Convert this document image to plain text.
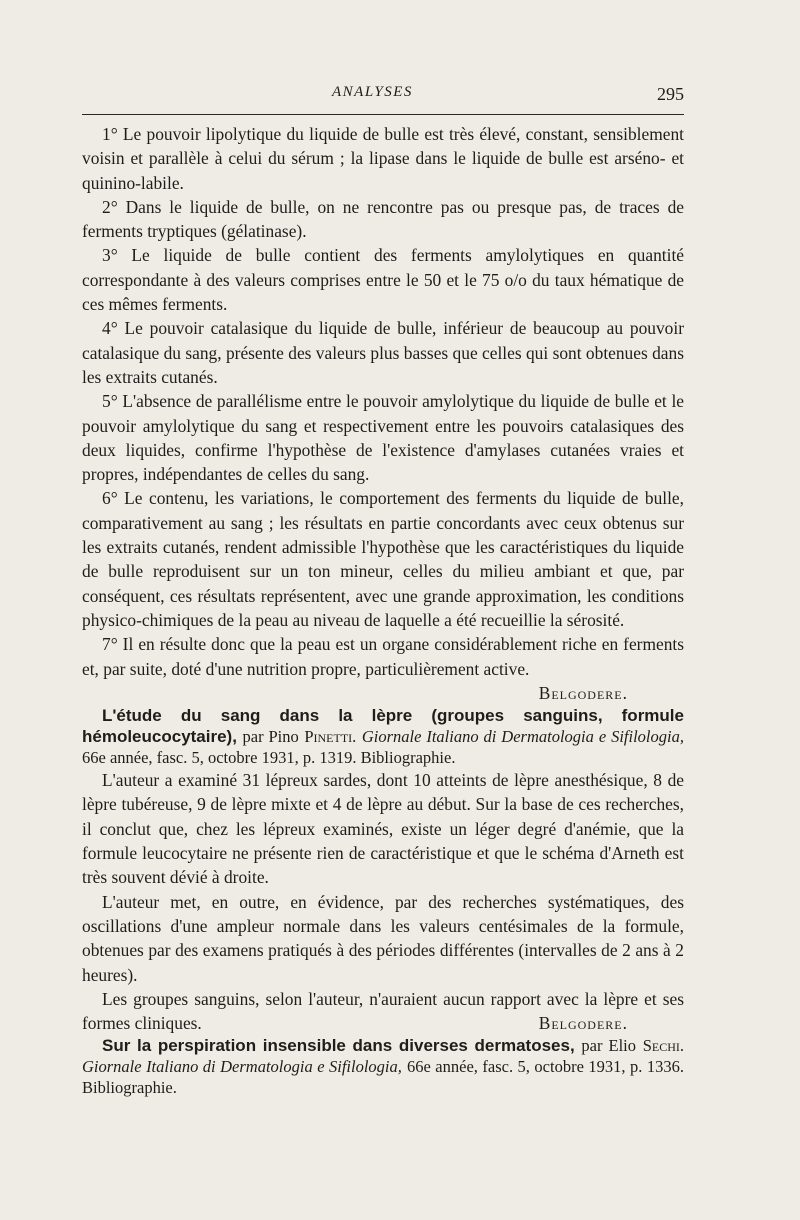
ANALYSES	295

1° Le pouvoir lipolytique du liquide de bulle est très élevé, constant, sensiblement voisin et parallèle à celui du sérum ; la lipase dans le liquide de bulle est arséno- et quinino-labile.

2° Dans le liquide de bulle, on ne rencontre pas ou presque pas, de traces de ferments tryptiques (gélatinase).

3° Le liquide de bulle contient des ferments amylolytiques en quantité correspondante à des valeurs comprises entre le 50 et le 75 o/o du taux hématique de ces mêmes ferments.

4° Le pouvoir catalasique du liquide de bulle, inférieur de beaucoup au pouvoir catalasique du sang, présente des valeurs plus basses que celles qui sont obtenues dans les extraits cutanés.

5° L'absence de parallélisme entre le pouvoir amylolytique du liquide de bulle et le pouvoir amylolytique du sang et respectivement entre les pouvoirs catalasiques des deux liquides, confirme l'hypothèse de l'existence d'amylases cutanées vraies et propres, indépendantes de celles du sang.

6° Le contenu, les variations, le comportement des ferments du liquide de bulle, comparativement au sang ; les résultats en partie concordants avec ceux obtenus sur les extraits cutanés, rendent admissible l'hypothèse que les caractéristiques du liquide de bulle reproduisent sur un ton mineur, celles du milieu ambiant et que, par conséquent, ces résultats représentent, avec une grande approximation, les conditions physico-chimiques de la peau au niveau de laquelle a été recueillie la sérosité.

7° Il en résulte donc que la peau est un organe considérablement riche en ferments et, par suite, doté d'une nutrition propre, particulièrement active.
Belgodere.

L'étude du sang dans la lèpre (groupes sanguins, formule hémoleucocytaire), par Pino Pinetti. Giornale Italiano di Dermatologia e Sifilologia, 66e année, fasc. 5, octobre 1931, p. 1319. Bibliographie.

L'auteur a examiné 31 lépreux sardes, dont 10 atteints de lèpre anesthésique, 8 de lèpre tubéreuse, 9 de lèpre mixte et 4 de lèpre au début. Sur la base de ces recherches, il conclut que, chez les lépreux examinés, existe un léger degré d'anémie, que la formule leucocytaire ne présente rien de caractéristique et que le schéma d'Arneth est très souvent dévié à droite.

L'auteur met, en outre, en évidence, par des recherches systématiques, des oscillations d'une ampleur normale dans les valeurs centésimales de la formule, obtenues par des examens pratiqués à des périodes différentes (intervalles de 2 ans à 2 heures).

Les groupes sanguins, selon l'auteur, n'auraient aucun rapport avec la lèpre et ses formes cliniques.	Belgodere.

Sur la perspiration insensible dans diverses dermatoses, par Elio Sechi. Giornale Italiano di Dermatologia e Sifilologia, 66e année, fasc. 5, octobre 1931, p. 1336. Bibliographie.
